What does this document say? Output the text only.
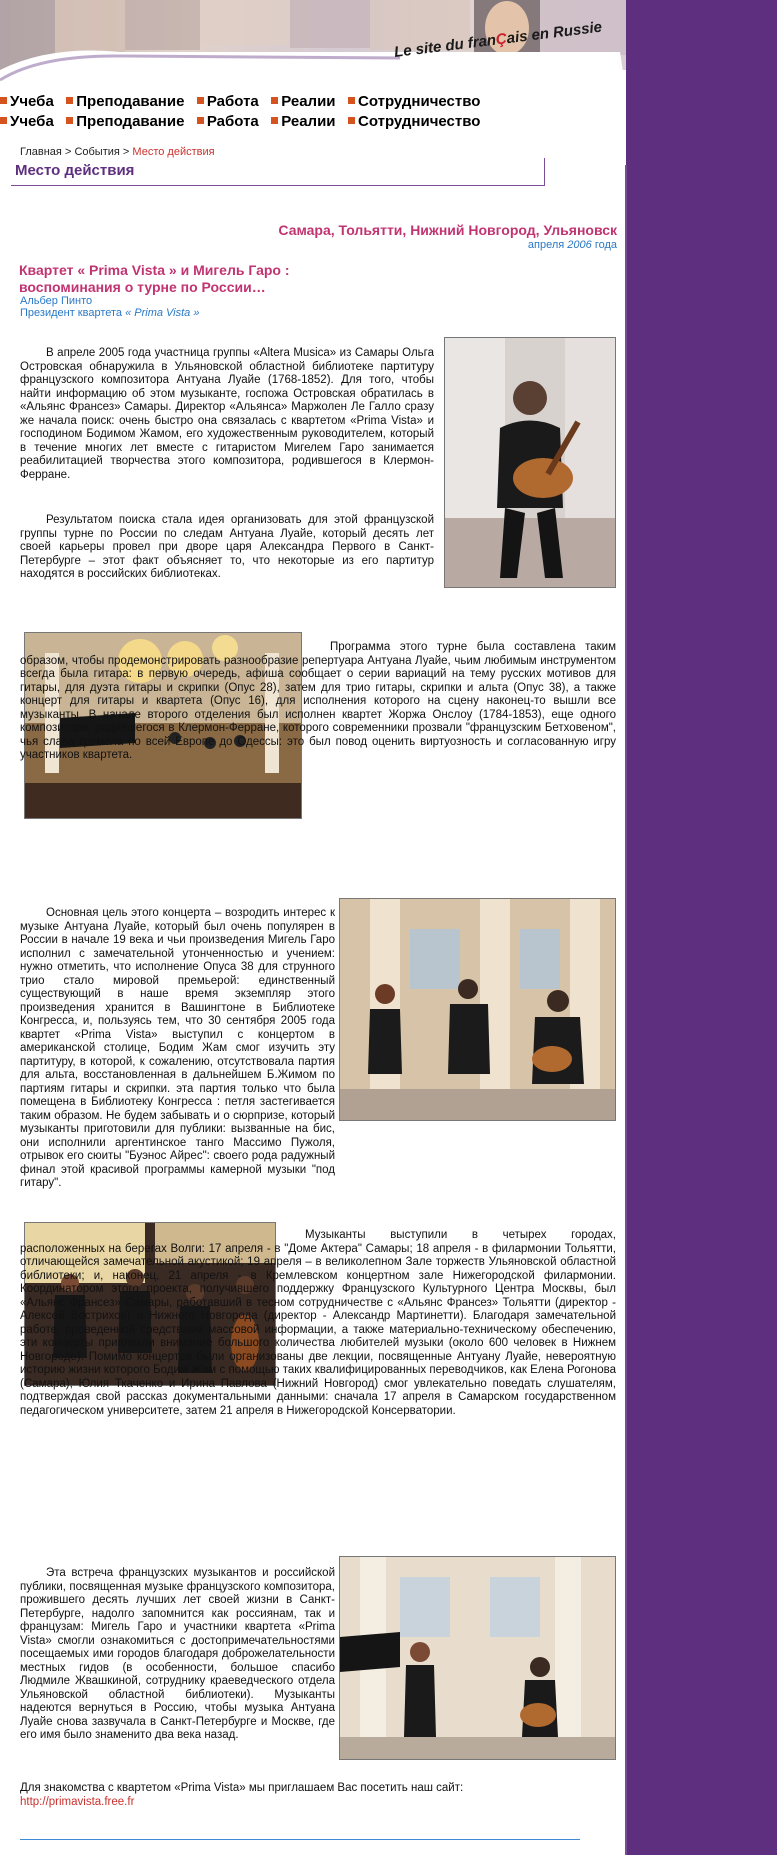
Le site du franÇais en Russie
Учеба Преподавание Работа Реалии Сотрудничество
Учеба Преподавание Работа Реалии Сотрудничество
Главная > События > Место действия
Место действия
Самара, Тольятти, Нижний Новгород, Ульяновск
апреля 2006 года
Квартет « Prima Vista » и Мигель Гаро : воспоминания о турне по России…
Альбер Пинто
Президент квартета « Prima Vista »
В апреле 2005 года участница группы «Altera Musica» из Самары Ольга Островская обнаружила в Ульяновской областной библиотеке партитуру французского композитора Антуана Луайе (1768-1852). Для того, чтобы найти информацию об этом музыканте, госпожа Островская обратилась в «Альянс Франсез» Самары. Директор «Альянса» Маржолен Ле Галло сразу же начала поиск: очень быстро она связалась с квартетом «Prima Vista» и господином Бодимом Жамом, его художественным руководителем, который в течение многих лет вместе с гитаристом Мигелем Гаро занимается реабилитацией творчества этого композитора, родившегося в Клермон-Ферране.
Результатом поиска стала идея организовать для этой французской группы турне по России по следам Антуана Луайе, который десять лет своей карьеры провел при дворе царя Александра Первого в Санкт-Петербурге – этот факт объясняет то, что некоторые из его партитур находятся в российских библиотеках.
Программа этого турне была составлена таким образом, чтобы продемонстрировать разнообразие репертуара Антуана Луайе, чьим любимым инструментом всегда была гитара: в первую очередь, афиша сообщает о серии вариаций на тему русских мотивов для гитары, для дуэта гитары и скрипки (Опус 28), затем для трио гитары, скрипки и альта (Опус 38), а также концерт для гитары и квартета (Опус 16), для исполнения которого на сцену наконец-то вышли все музыканты. В начале второго отделения был исполнен квартет Жоржа Онслоу (1784-1853), еще одного композитора, родившегося в Клермон-Ферране, которого современники прозвали "французским Бетховеном", чья слава гремела по всей Европе до Одессы: это был повод оценить виртуозность и согласованную игру участников квартета.
Основная цель этого концерта – возродить интерес к музыке Антуана Луайе, который был очень популярен в России в начале 19 века и чьи произведения Мигель Гаро исполнил с замечательной утонченностью и учением: нужно отметить, что исполнение Опуса 38 для струнного трио стало мировой премьерой: единственный существующий в наше время экземпляр этого произведения хранится в Вашингтоне в Библиотеке Конгресса, и, пользуясь тем, что 30 сентября 2005 года квартет «Prima Vista» выступил с концертом в американской столице, Бодим Жам смог изучить эту партитуру, в которой, к сожалению, отсутствовала партия для альта, восстановленная в дальнейшем Б.Жимом по партиям гитары и скрипки. эта партия только что была помещена в Библиотеку Конгресса : петля застегивается таким образом. Не будем забывать и о сюрпризе, который музыканты приготовили для публики: вызванные на бис, они исполнили аргентинское танго Массимо Пужоля, отрывок его сюиты "Буэнос Айрес": своего рода радужный финал этой красивой программы камерной музыки "под гитару".
Музыканты выступили в четырех городах, расположенных на берегах Волги: 17 апреля - в "Доме Актера" Самары; 18 апреля - в филармонии Тольятти, отличающейся замечательной акустикой; 19 апреля – в великолепном Зале торжеств Ульяновской областной библиотеки; и, наконец, 21 апреля - в Кремлевском концертном зале Нижегородской филармонии. Координатором этого проекта, получившего поддержку Французского Культурного Центра Москвы, был «Альянс Франсез» Самары, работавший в тесном сотрудничестве с «Альянс Франсез» Тольятти (директор - Алексей Вострихов) и Нижнего Новгорода (директор - Александр Мартинетти). Благодаря замечательной работе, проведенной средствами массовой информации, а также материально-техническому обеспечению, эти концерты привлекли внимание большого количества любителей музыки (около 600 человек в Нижнем Новгороде). Помимо концертов были организованы две лекции, посвященные Антуану Луайе, невероятную историю жизни которого Бодим Жам с помощью таких квалифицированных переводчиков, как Елена Рогонова (Самара), Юлия Ткаченко и Ирина Павлова (Нижний Новгород) смог увлекательно поведать слушателям, подтверждая свой рассказ документальными данными: сначала 17 апреля в Самарском государственном педагогическом университете, затем 21 апреля в Нижегородской Консерватории.
Эта встреча французских музыкантов и российской публики, посвященная музыке французского композитора, прожившего десять лучших лет своей жизни в Санкт-Петербурге, надолго запомнится как россиянам, так и французам: Мигель Гаро и участники квартета «Prima Vista» смогли ознакомиться с достопримечательностями посещаемых ими городов благодаря доброжелательности местных гидов (в особенности, большое спасибо Людмиле Жвашкиной, сотруднику краеведческого отдела Ульяновской областной библиотеки). Музыканты надеются вернуться в Россию, чтобы музыка Антуана Луайе снова зазвучала в Санкт-Петербурге и Москве, где его имя было знаменито два века назад.
Для знакомства с квартетом «Prima Vista» мы приглашаем Вас посетить наш сайт:
http://primavista.free.fr
